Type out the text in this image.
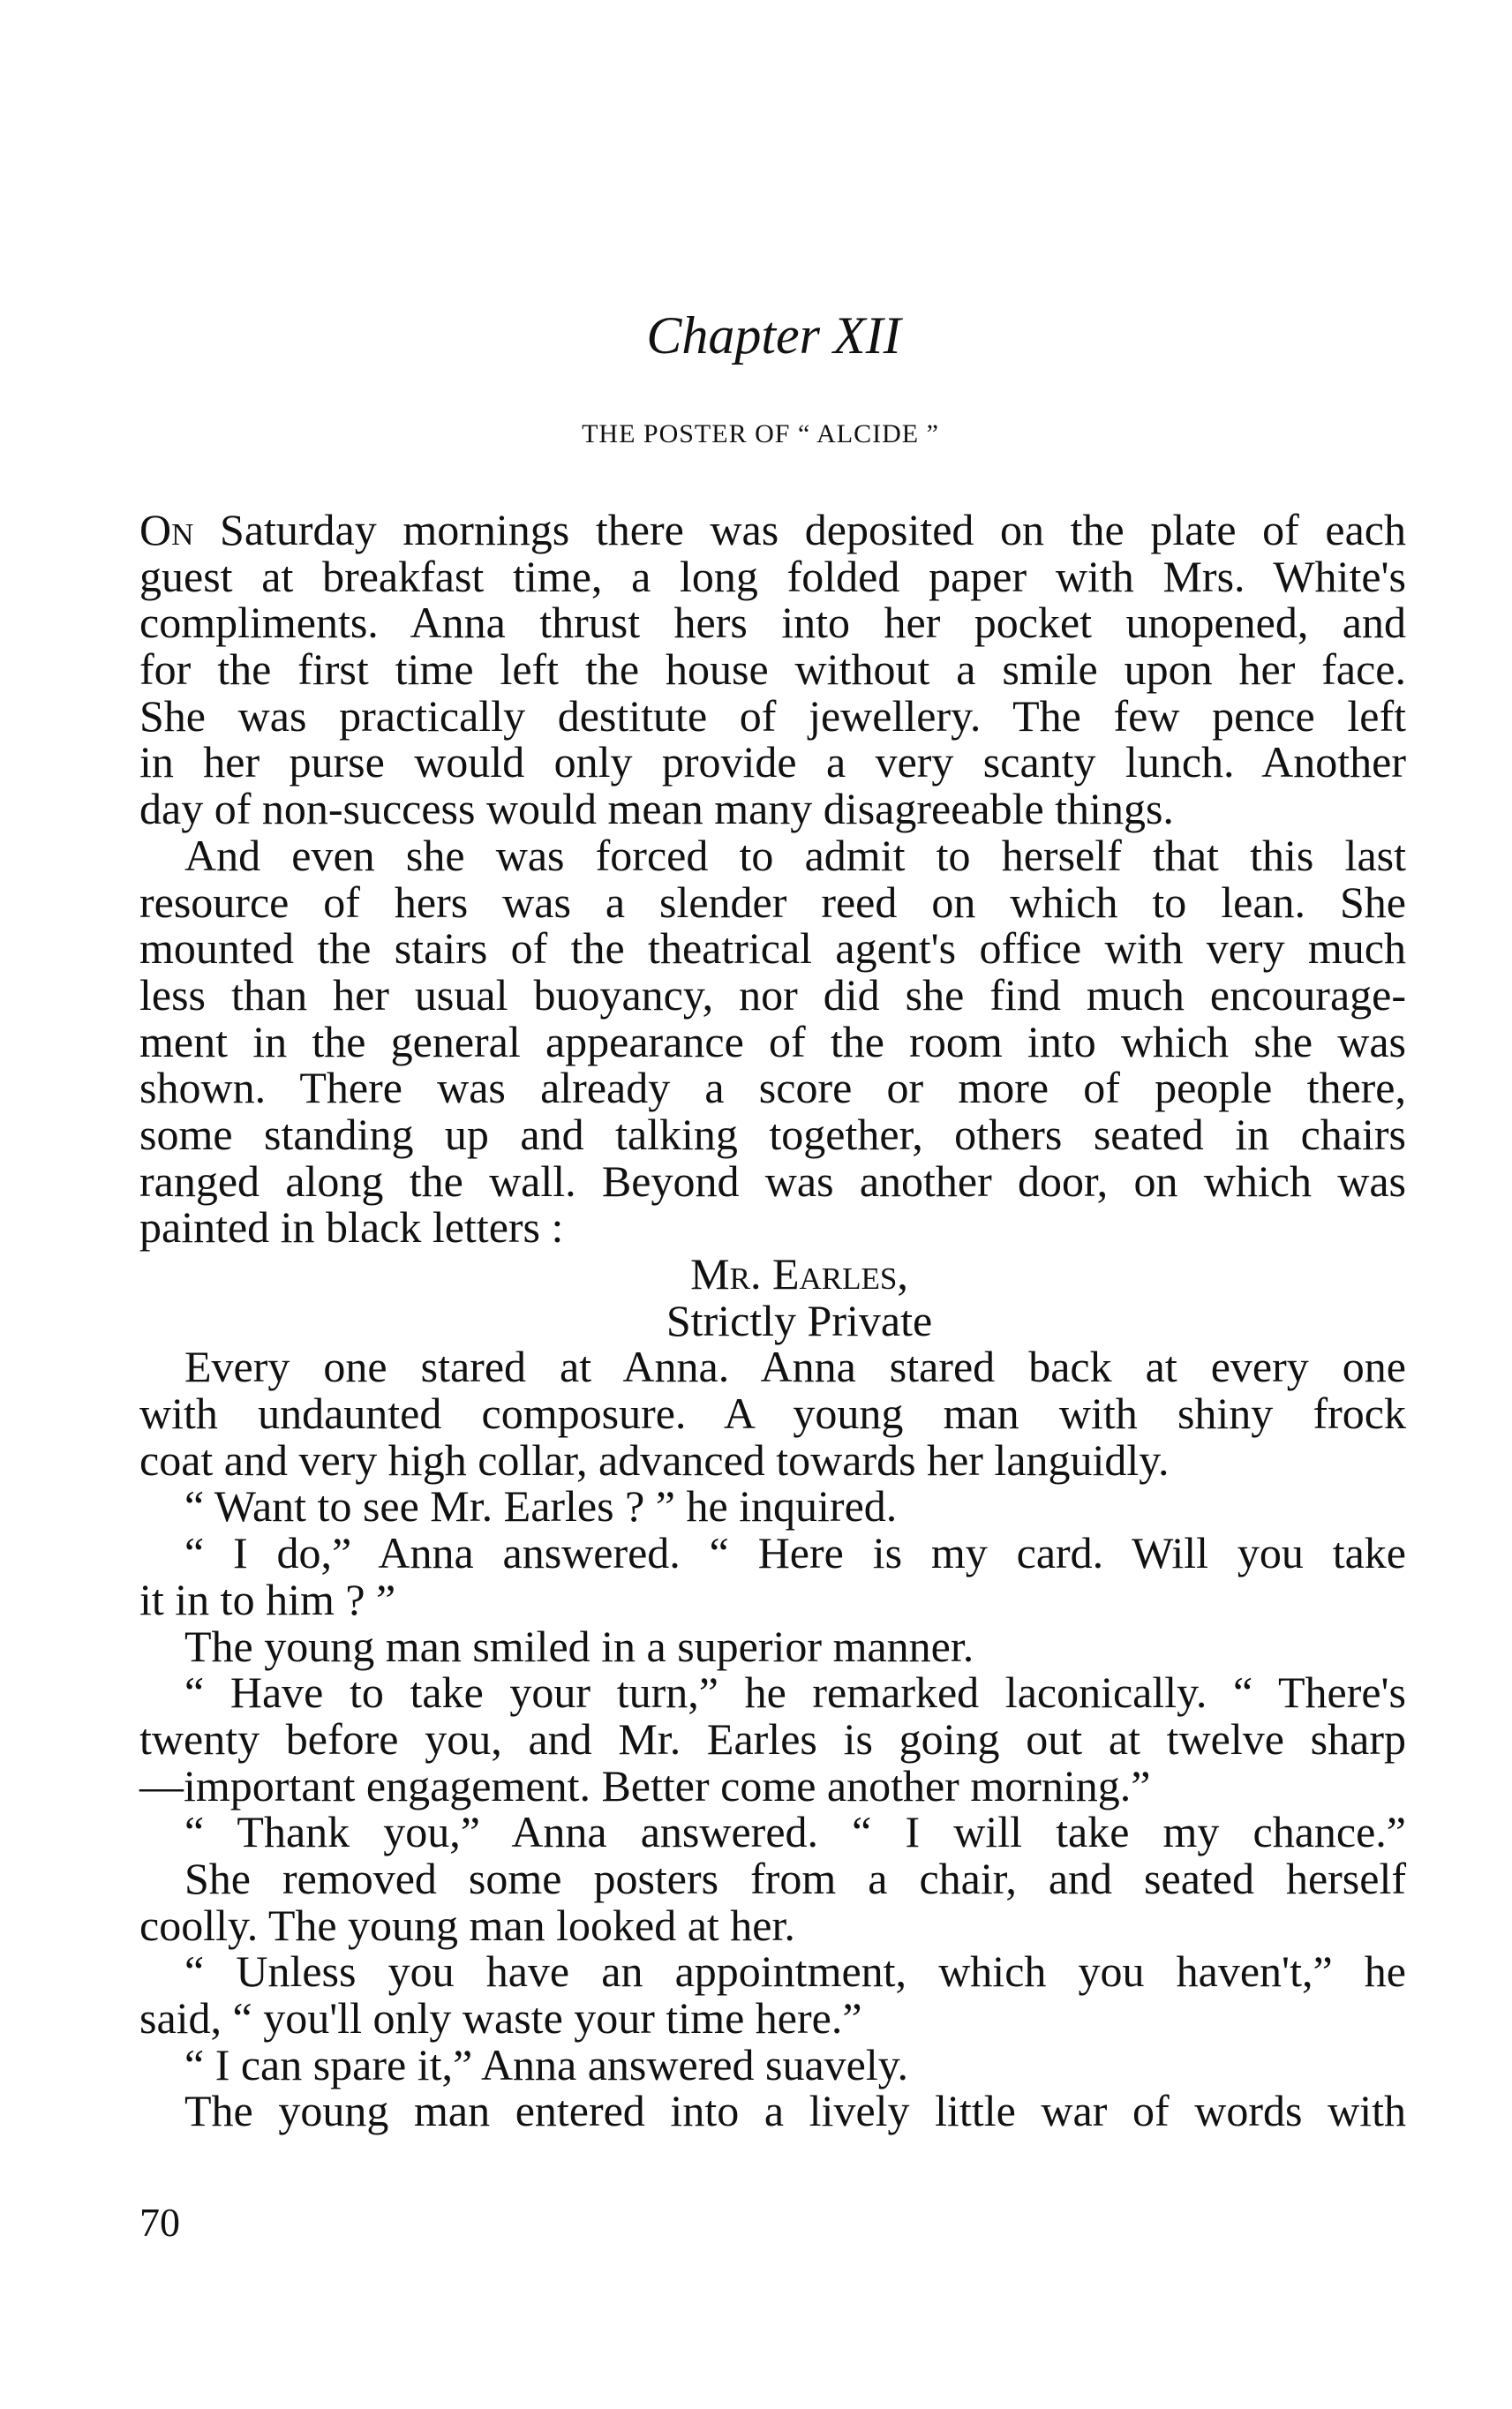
Chapter XII
THE POSTER OF “ ALCIDE ”
On Saturday mornings there was deposited on the plate of each
guest at breakfast time, a long folded paper with Mrs. White's
compliments. Anna thrust hers into her pocket unopened, and
for the first time left the house without a smile upon her face.
She was practically destitute of jewellery. The few pence left
in her purse would only provide a very scanty lunch. Another
day of non-success would mean many disagreeable things.
And even she was forced to admit to herself that this last
resource of hers was a slender reed on which to lean. She
mounted the stairs of the theatrical agent's office with very much
less than her usual buoyancy, nor did she find much encourage-
ment in the general appearance of the room into which she was
shown. There was already a score or more of people there,
some standing up and talking together, others seated in chairs
ranged along the wall. Beyond was another door, on which was
painted in black letters :
Mr. Earles,
Strictly Private
Every one stared at Anna. Anna stared back at every one
with undaunted composure. A young man with shiny frock
coat and very high collar, advanced towards her languidly.
“ Want to see Mr. Earles ? ” he inquired.
“ I do,” Anna answered. “ Here is my card. Will you take
it in to him ? ”
The young man smiled in a superior manner.
“ Have to take your turn,” he remarked laconically. “ There's
twenty before you, and Mr. Earles is going out at twelve sharp
—important engagement. Better come another morning.”
“ Thank you,” Anna answered. “ I will take my chance.”
She removed some posters from a chair, and seated herself
coolly. The young man looked at her.
“ Unless you have an appointment, which you haven't,” he
said, “ you'll only waste your time here.”
“ I can spare it,” Anna answered suavely.
The young man entered into a lively little war of words with
70
